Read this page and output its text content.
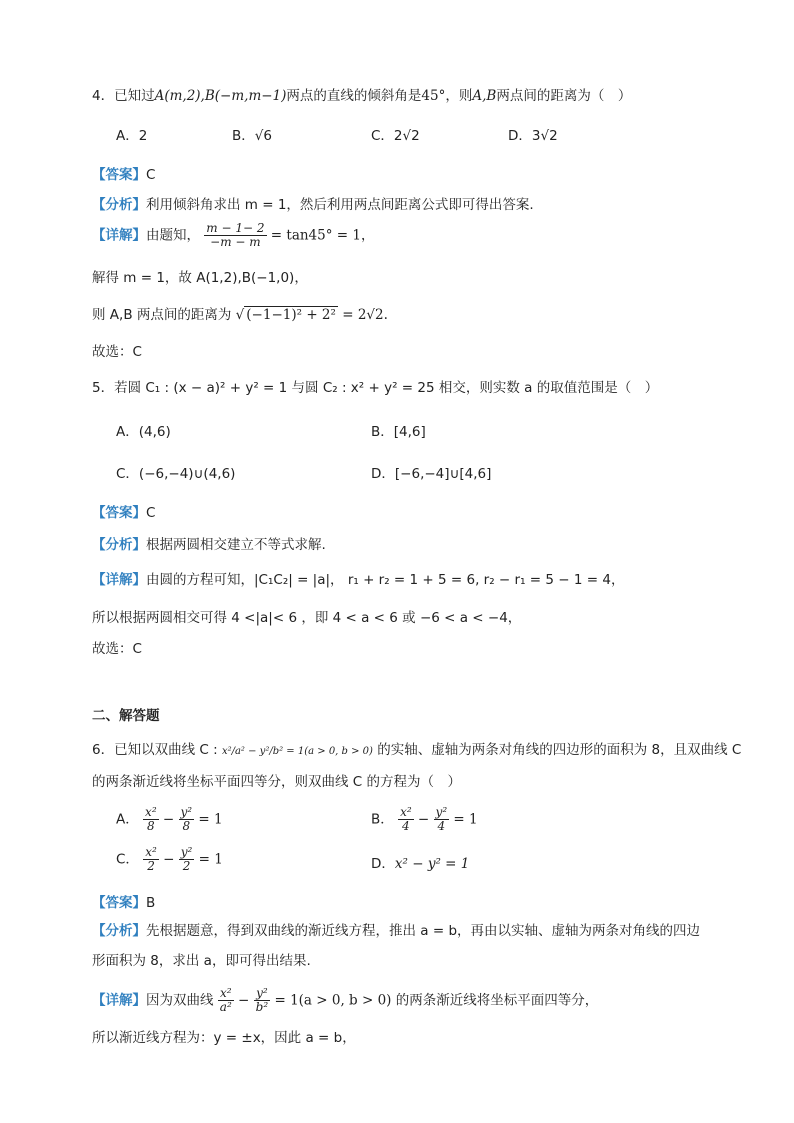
4．已知过A(m,2),B(−m,m−1)两点的直线的倾斜角是45°，则A,B两点间的距离为（　）
A．2	B．√6	C．2√2	D．3√2
【答案】C
【分析】利用倾斜角求出 m = 1，然后利用两点间距离公式即可得出答案.
【详解】由题知， $\frac{m - 1- 2}{-m - m} = \tan 45^\circ = 1$，
解得 m = 1，故 A(1,2),B(−1,0)，
则 A,B 两点间的距离为 √ (−1−1)² + 2² = 2√2.
故选：C
5．若圆 C₁ : (x − a)² + y² = 1 与圆 C₂ : x² + y² = 25 相交，则实数 a 的取值范围是（　）
A．(4,6)	B．[4,6]
C．(−6,−4)∪(4,6)	D．[−6,−4]∪[4,6]
【答案】C
【分析】根据两圆相交建立不等式求解.
【详解】由圆的方程可知，|C₁C₂| = |a|， r₁ + r₂ = 1 + 5 = 6, r₂ − r₁ = 5 − 1 = 4，
所以根据两圆相交可得 4 <|a|< 6 ，即 4 < a < 6 或 −6 < a < −4，
故选：C
二、解答题
6．已知以双曲线 C : x²/a² − y²/b² = 1(a > 0, b > 0) 的实轴、虚轴为两条对角线的四边形的面积为 8，且双曲线 C
的两条渐近线将坐标平面四等分，则双曲线 C 的方程为（　）
A． $\frac{\text{x²}}{8} - \frac{\text{y²}}{8} = 1$	B． $\frac{\text{x²}}{4} - \frac{\text{y²}}{4} = 1$
C． $\frac{\text{x²}}{2} - \frac{\text{y²}}{2} = 1$	D．x² − y² = 1
【答案】B
【分析】先根据题意，得到双曲线的渐近线方程，推出 a = b，再由以实轴、虚轴为两条对角线的四边形面积为 8，求出 a，即可得出结果.
【详解】因为双曲线 $\frac{\text{x²}}{\text{a²}} - \frac{\text{y²}}{\text{b²}} = 1(a > 0$, b > 0) 的两条渐近线将坐标平面四等分，
所以渐近线方程为：y = ±x，因此 a = b，
